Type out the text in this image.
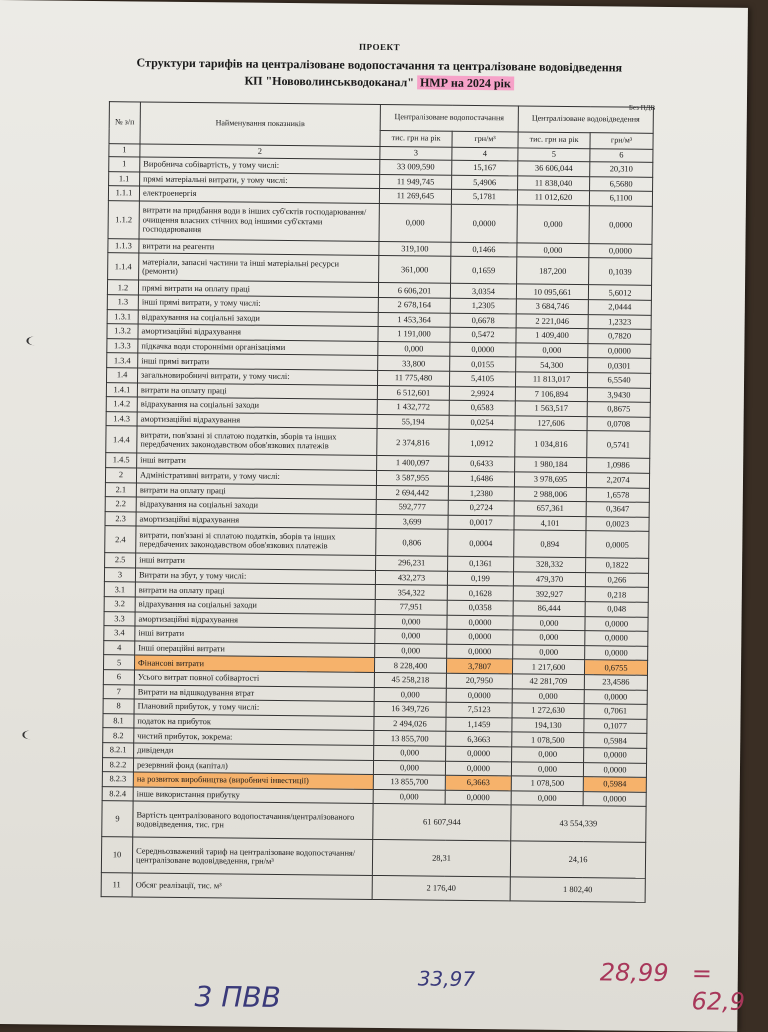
ПРОЕКТ
Структури тарифів на централізоване водопостачання та централізоване водовідведення
КП "Нововолинськводоканал" НМР на 2024 рік
Без ПДВ
№ з/п	Найменування показників	Централізоване водопостачання		Централізоване водовідведення	
		тис. грн на рік	грн/м³	тис. грн на рік	грн/м³
1	2	3	4	5	6
1	Виробнича собівартість, у тому числі:	33 009,590	15,167	36 606,044	20,310
1.1	прямі матеріальні витрати, у тому числі:	11 949,745	5,4906	11 838,040	6,5680
1.1.1	електроенергія	11 269,645	5,1781	11 012,620	6,1100
1.1.2	витрати на придбання води в інших суб'єктів господарювання/ очищення власних стічних вод іншими суб'єктами господарювання	0,000	0,0000	0,000	0,0000
1.1.3	витрати на реагенти	319,100	0,1466	0,000	0,0000
1.1.4	матеріали, запасні частини та інші матеріальні ресурси (ремонти)	361,000	0,1659	187,200	0,1039
1.2	прямі витрати на оплату праці	6 606,201	3,0354	10 095,661	5,6012
1.3	інші прямі витрати, у тому числі:	2 678,164	1,2305	3 684,746	2,0444
1.3.1	відрахування на соціальні заходи	1 453,364	0,6678	2 221,046	1,2323
1.3.2	амортизаційні відрахування	1 191,000	0,5472	1 409,400	0,7820
1.3.3	підкачка води сторонніми організаціями	0,000	0,0000	0,000	0,0000
1.3.4	інші прямі витрати	33,800	0,0155	54,300	0,0301
1.4	загальновиробничі витрати, у тому числі:	11 775,480	5,4105	11 813,017	6,5540
1.4.1	витрати на оплату праці	6 512,601	2,9924	7 106,894	3,9430
1.4.2	відрахування на соціальні заходи	1 432,772	0,6583	1 563,517	0,8675
1.4.3	амортизаційні відрахування	55,194	0,0254	127,606	0,0708
1.4.4	витрати, пов'язані зі сплатою податків, зборів та інших передбачених законодавством обов'язкових платежів	2 374,816	1,0912	1 034,816	0,5741
1.4.5	інші витрати	1 400,097	0,6433	1 980,184	1,0986
2	Адміністративні витрати, у тому числі:	3 587,955	1,6486	3 978,695	2,2074
2.1	витрати на оплату праці	2 694,442	1,2380	2 988,006	1,6578
2.2	відрахування на соціальні заходи	592,777	0,2724	657,361	0,3647
2.3	амортизаційні відрахування	3,699	0,0017	4,101	0,0023
2.4	витрати, пов'язані зі сплатою податків, зборів та інших передбачених законодавством обов'язкових платежів	0,806	0,0004	0,894	0,0005
2.5	інші витрати	296,231	0,1361	328,332	0,1822
3	Витрати на збут, у тому числі:	432,273	0,199	479,370	0,266
3.1	витрати на оплату праці	354,322	0,1628	392,927	0,218
3.2	відрахування на соціальні заходи	77,951	0,0358	86,444	0,048
3.3	амортизаційні відрахування	0,000	0,0000	0,000	0,0000
3.4	інші витрати	0,000	0,0000	0,000	0,0000
4	Інші операційні витрати	0,000	0,0000	0,000	0,0000
5	Фінансові витрати	8 228,400	3,7807	1 217,600	0,6755
6	Усього витрат повної собівартості	45 258,218	20,7950	42 281,709	23,4586
7	Витрати на відшкодування втрат	0,000	0,0000	0,000	0,0000
8	Плановий прибуток, у тому числі:	16 349,726	7,5123	1 272,630	0,7061
8.1	податок на прибуток	2 494,026	1,1459	194,130	0,1077
8.2	чистий прибуток, зокрема:	13 855,700	6,3663	1 078,500	0,5984
8.2.1	дивіденди	0,000	0,0000	0,000	0,0000
8.2.2	резервний фонд (капітал)	0,000	0,0000	0,000	0,0000
8.2.3	на розвиток виробництва (виробничі інвестиції)	13 855,700	6,3663	1 078,500	0,5984
8.2.4	інше використання прибутку	0,000	0,0000	0,000	0,0000
9	Вартість централізованого водопостачання/централізованого водовідведення, тис. грн	61 607,944		43 554,339	
10	Середньозважений тариф на централізоване водопостачання/централізоване водовідведення, грн/м³	28,31		24,16	
11	Обсяг реалізації, тис. м³	2 176,40		1 802,40	
3 ПВВ
33,97	28,99 = 62,9
